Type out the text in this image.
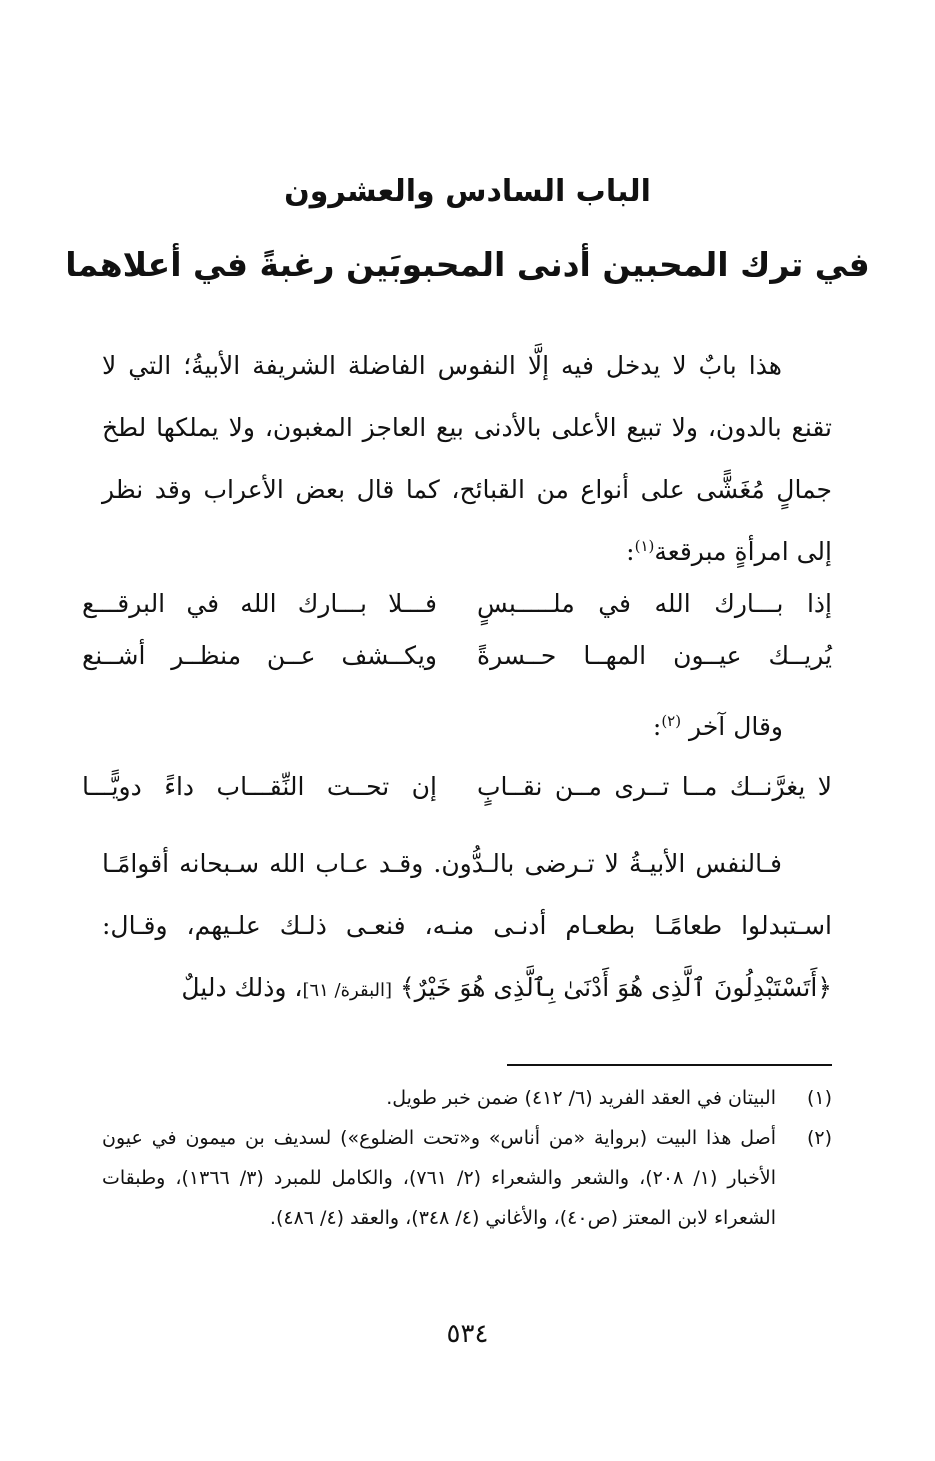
الباب السادس والعشرون
في ترك المحبين أدنى المحبوبَين رغبةً في أعلاهما
هذا بابٌ لا يدخل فيه إلَّا النفوس الفاضلة الشريفة الأبيةُ؛ التي لا تقنع بالدون، ولا تبيع الأعلى بالأدنى بيع العاجز المغبون، ولا يملكها لطخ جمالٍ مُغَشًّى على أنواع من القبائح، كما قال بعض الأعراب وقد نظر إلى امرأةٍ مبرقعة$^{(١)}$:
إذا بـــارك الله في ملـــــبسٍ
فـــلا بـــارك الله في البرقـــع
يُريــك عيــون المهــا حــسرةً
ويكــشف عــن منظــر أشــنع
وقال آخر $^{(٢)}$:
لا يغرَّنــك مــا تــرى مــن نقــابٍ
إن تحــت النِّقـــاب داءً دويًّـــا
فـالنفس الأبيـةُ لا تـرضى بالـدُّون. وقـد عـاب الله سـبحانه أقوامًـا اسـتبدلوا طعامًـا بطعـام أدنـى منـه، فنعـى ذلـك علـيهم، وقـال: ﴿أَتَسْتَبْدِلُونَ ٱلَّذِى هُوَ أَدْنَىٰ بِٱلَّذِى هُوَ خَيْرٌ﴾ [البقرة/ ٦١]، وذلك دليلٌ
(١)
البيتان في العقد الفريد (٦/ ٤١٢) ضمن خبر طويل.
(٢)
أصل هذا البيت (برواية «من أناس» و«تحت الضلوع») لسديف بن ميمون في عيون الأخبار (١/ ٢٠٨)، والشعر والشعراء (٢/ ٧٦١)، والكامل للمبرد (٣/ ١٣٦٦)، وطبقات الشعراء لابن المعتز (ص٤٠)، والأغاني (٤/ ٣٤٨)، والعقد (٤/ ٤٨٦).
٥٣٤
